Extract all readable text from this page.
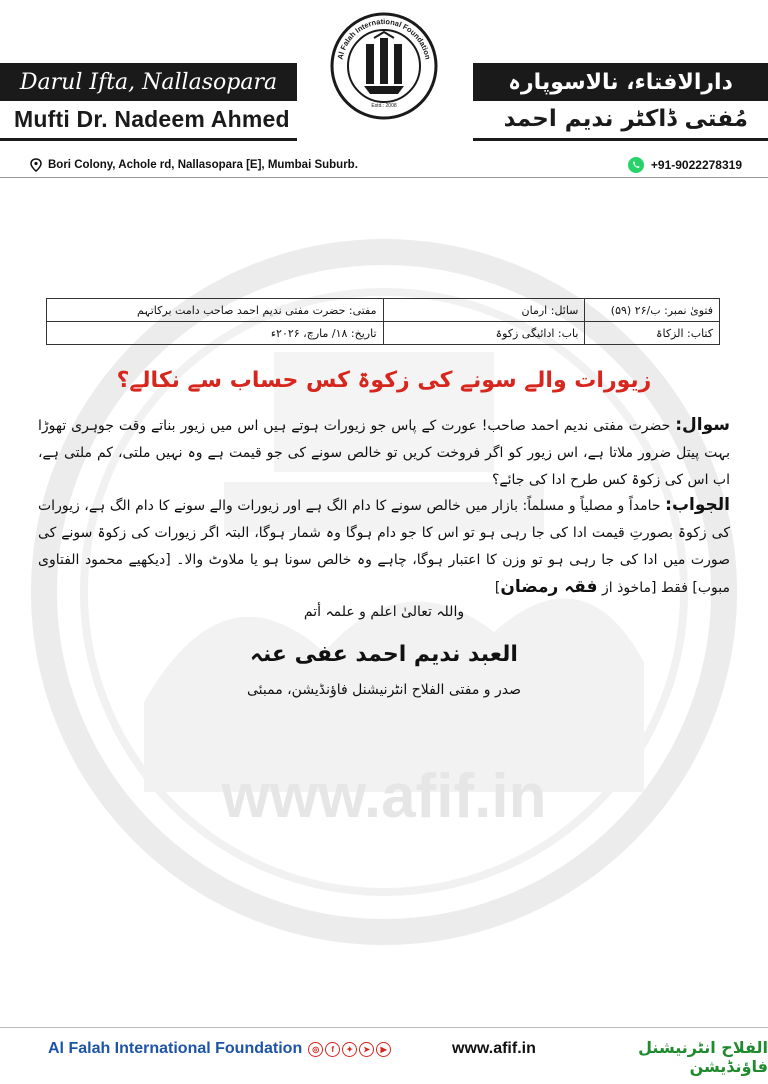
www.afif.in
Darul Ifta, Nallasopara
Mufti Dr. Nadeem Ahmed
دارالافتاء، نالاسوپارہ
مُفتی ڈاکٹر ندیم احمد
Al Falah International Foundation
Estd.: 2008
Bori Colony, Achole rd, Nallasopara [E], Mumbai Suburb.	+91-9022278319
فتویٰ نمبر: ب/۲۶ (۵۹)	سائل: ارمان	مفتی: حضرت مفتی ندیم احمد صاحب دامت برکاتہم
کتاب: الزکاۃ	باب: ادائیگی زکوۃ	تاریخ: ۱۸/ مارچ، ۲۰۲۶ء
زیورات والے سونے کی زکوۃ کس حساب سے نکالے؟
سوال: حضرت مفتی ندیم احمد صاحب! عورت کے پاس جو زیورات ہوتے ہیں اس میں زیور بناتے وقت جوہری تھوڑا بہت پیتل ضرور ملاتا ہے، اس زیور کو اگر فروخت کریں تو خالص سونے کی جو قیمت ہے وہ نہیں ملتی، کم ملتی ہے، اب اس کی زکوۃ کس طرح ادا کی جائے؟
الجواب: حامداً و مصلیاً و مسلماً: بازار میں خالص سونے کا دام الگ ہے اور زیورات والے سونے کا دام الگ ہے، زیورات کی زکوۃ بصورتِ قیمت ادا کی جا رہی ہو تو اس کا جو دام ہوگا وہ شمار ہوگا، البتہ اگر زیورات کی زکوۃ سونے کی صورت میں ادا کی جا رہی ہو تو وزن کا اعتبار ہوگا، چاہے وہ خالص سونا ہو یا ملاوٹ والا۔ [دیکھیے محمود الفتاوی مبوب] فقط [ماخوذ از فقہ رمضان]
واللہ تعالیٰ اعلم و علمہ أتم
العبد ندیم احمد عفی عنہ
صدر و مفتی الفلاح انٹرنیشنل فاؤنڈیشن، ممبئی
Al Falah International Foundation	◎	f	✦	➤	▶	www.afif.in	الفلاح انٹرنیشنل فاؤنڈیشن
